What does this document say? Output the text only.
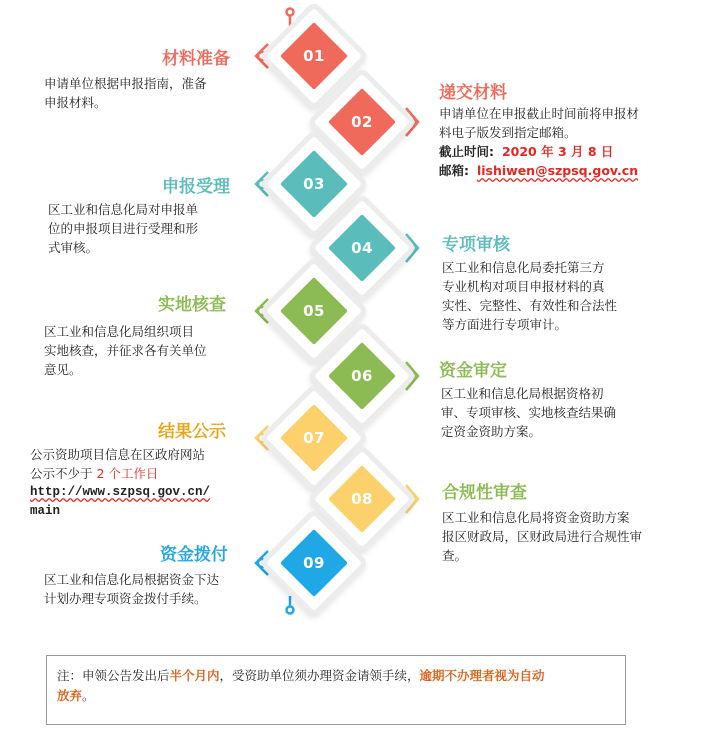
01
02
03
04
05
06
07
08
09
材料准备
申请单位根据申报指南，准备
申报材料。	递交材料
申请单位在申报截止时间前将申报材
料电子版发到指定邮箱。
截止时间: 2020 年 3 月 8 日
邮箱: lishiwen@szpsq.gov.cn
申报受理
区工业和信息化局对申报单
位的申报项目进行受理和形
式审核。	专项审核
区工业和信息化局委托第三方
专业机构对项目申报材料的真
实性、完整性、有效性和合法性
等方面进行专项审计。
实地核查
区工业和信息化局组织项目
实地核查，并征求各有关单位
意见。	资金审定
区工业和信息化局根据资格初
审、专项审核、实地核查结果确
定资金资助方案。
结果公示
公示资助项目信息在区政府网站
公示不少于 2 个工作日
http://www.szpsq.gov.cn/
main
合规性审查
区工业和信息化局将资金资助方案
报区财政局，区财政局进行合规性审
查。
资金拨付
区工业和信息化局根据资金下达
计划办理专项资金拨付手续。
注：申领公告发出后半个月内，受资助单位须办理资金请领手续，逾期不办理者视为自动
放弃。
